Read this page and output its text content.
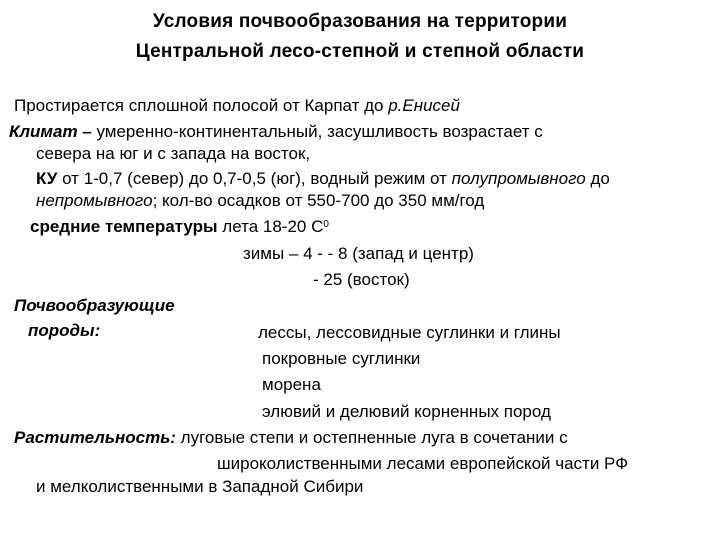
Условия почвообразования на территории
Центральной лесо-степной и степной области
Простирается сплошной полосой от Карпат до р.Енисей
Климат – умеренно-континентальный, засушливость возрастает с
севера на юг и с запада на восток,
КУ от 1-0,7 (север) до 0,7-0,5 (юг), водный режим от полупромывного до
непромывного; кол-во осадков от 550-700 до 350 мм/год
средние температуры лета 18-20 $С^0$
зимы – 4 - - 8 (запад и центр)
- 25 (восток)
Почвообразующие
породы:	лессы, лессовидные суглинки и глины
покровные суглинки
морена
элювий и делювий корненных пород
Растительность: луговые степи и остепненные луга в сочетании с
широколиственными лесами европейской части РФ
и мелколиственными в Западной Сибири
